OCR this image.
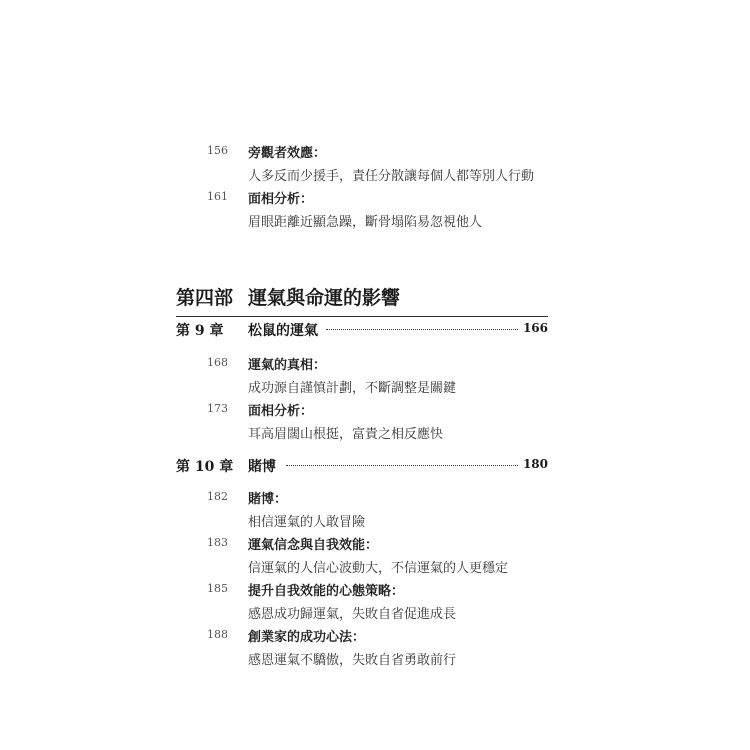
156 旁觀者效應：
人多反而少援手，責任分散讓每個人都等別人行動
161 面相分析：
眉眼距離近顯急躁，斷骨塌陷易忽視他人
第四部 運氣與命運的影響
第 9 章 松鼠的運氣	166
168 運氣的真相：
成功源自謹慎計劃，不斷調整是關鍵
173 面相分析：
耳高眉闊山根挺，富貴之相反應快
第 10 章 賭博	180
182 賭博：
相信運氣的人敢冒險
183 運氣信念與自我效能：
信運氣的人信心波動大，不信運氣的人更穩定
185 提升自我效能的心態策略：
感恩成功歸運氣，失敗自省促進成長
188 創業家的成功心法：
感恩運氣不驕傲，失敗自省勇敢前行
